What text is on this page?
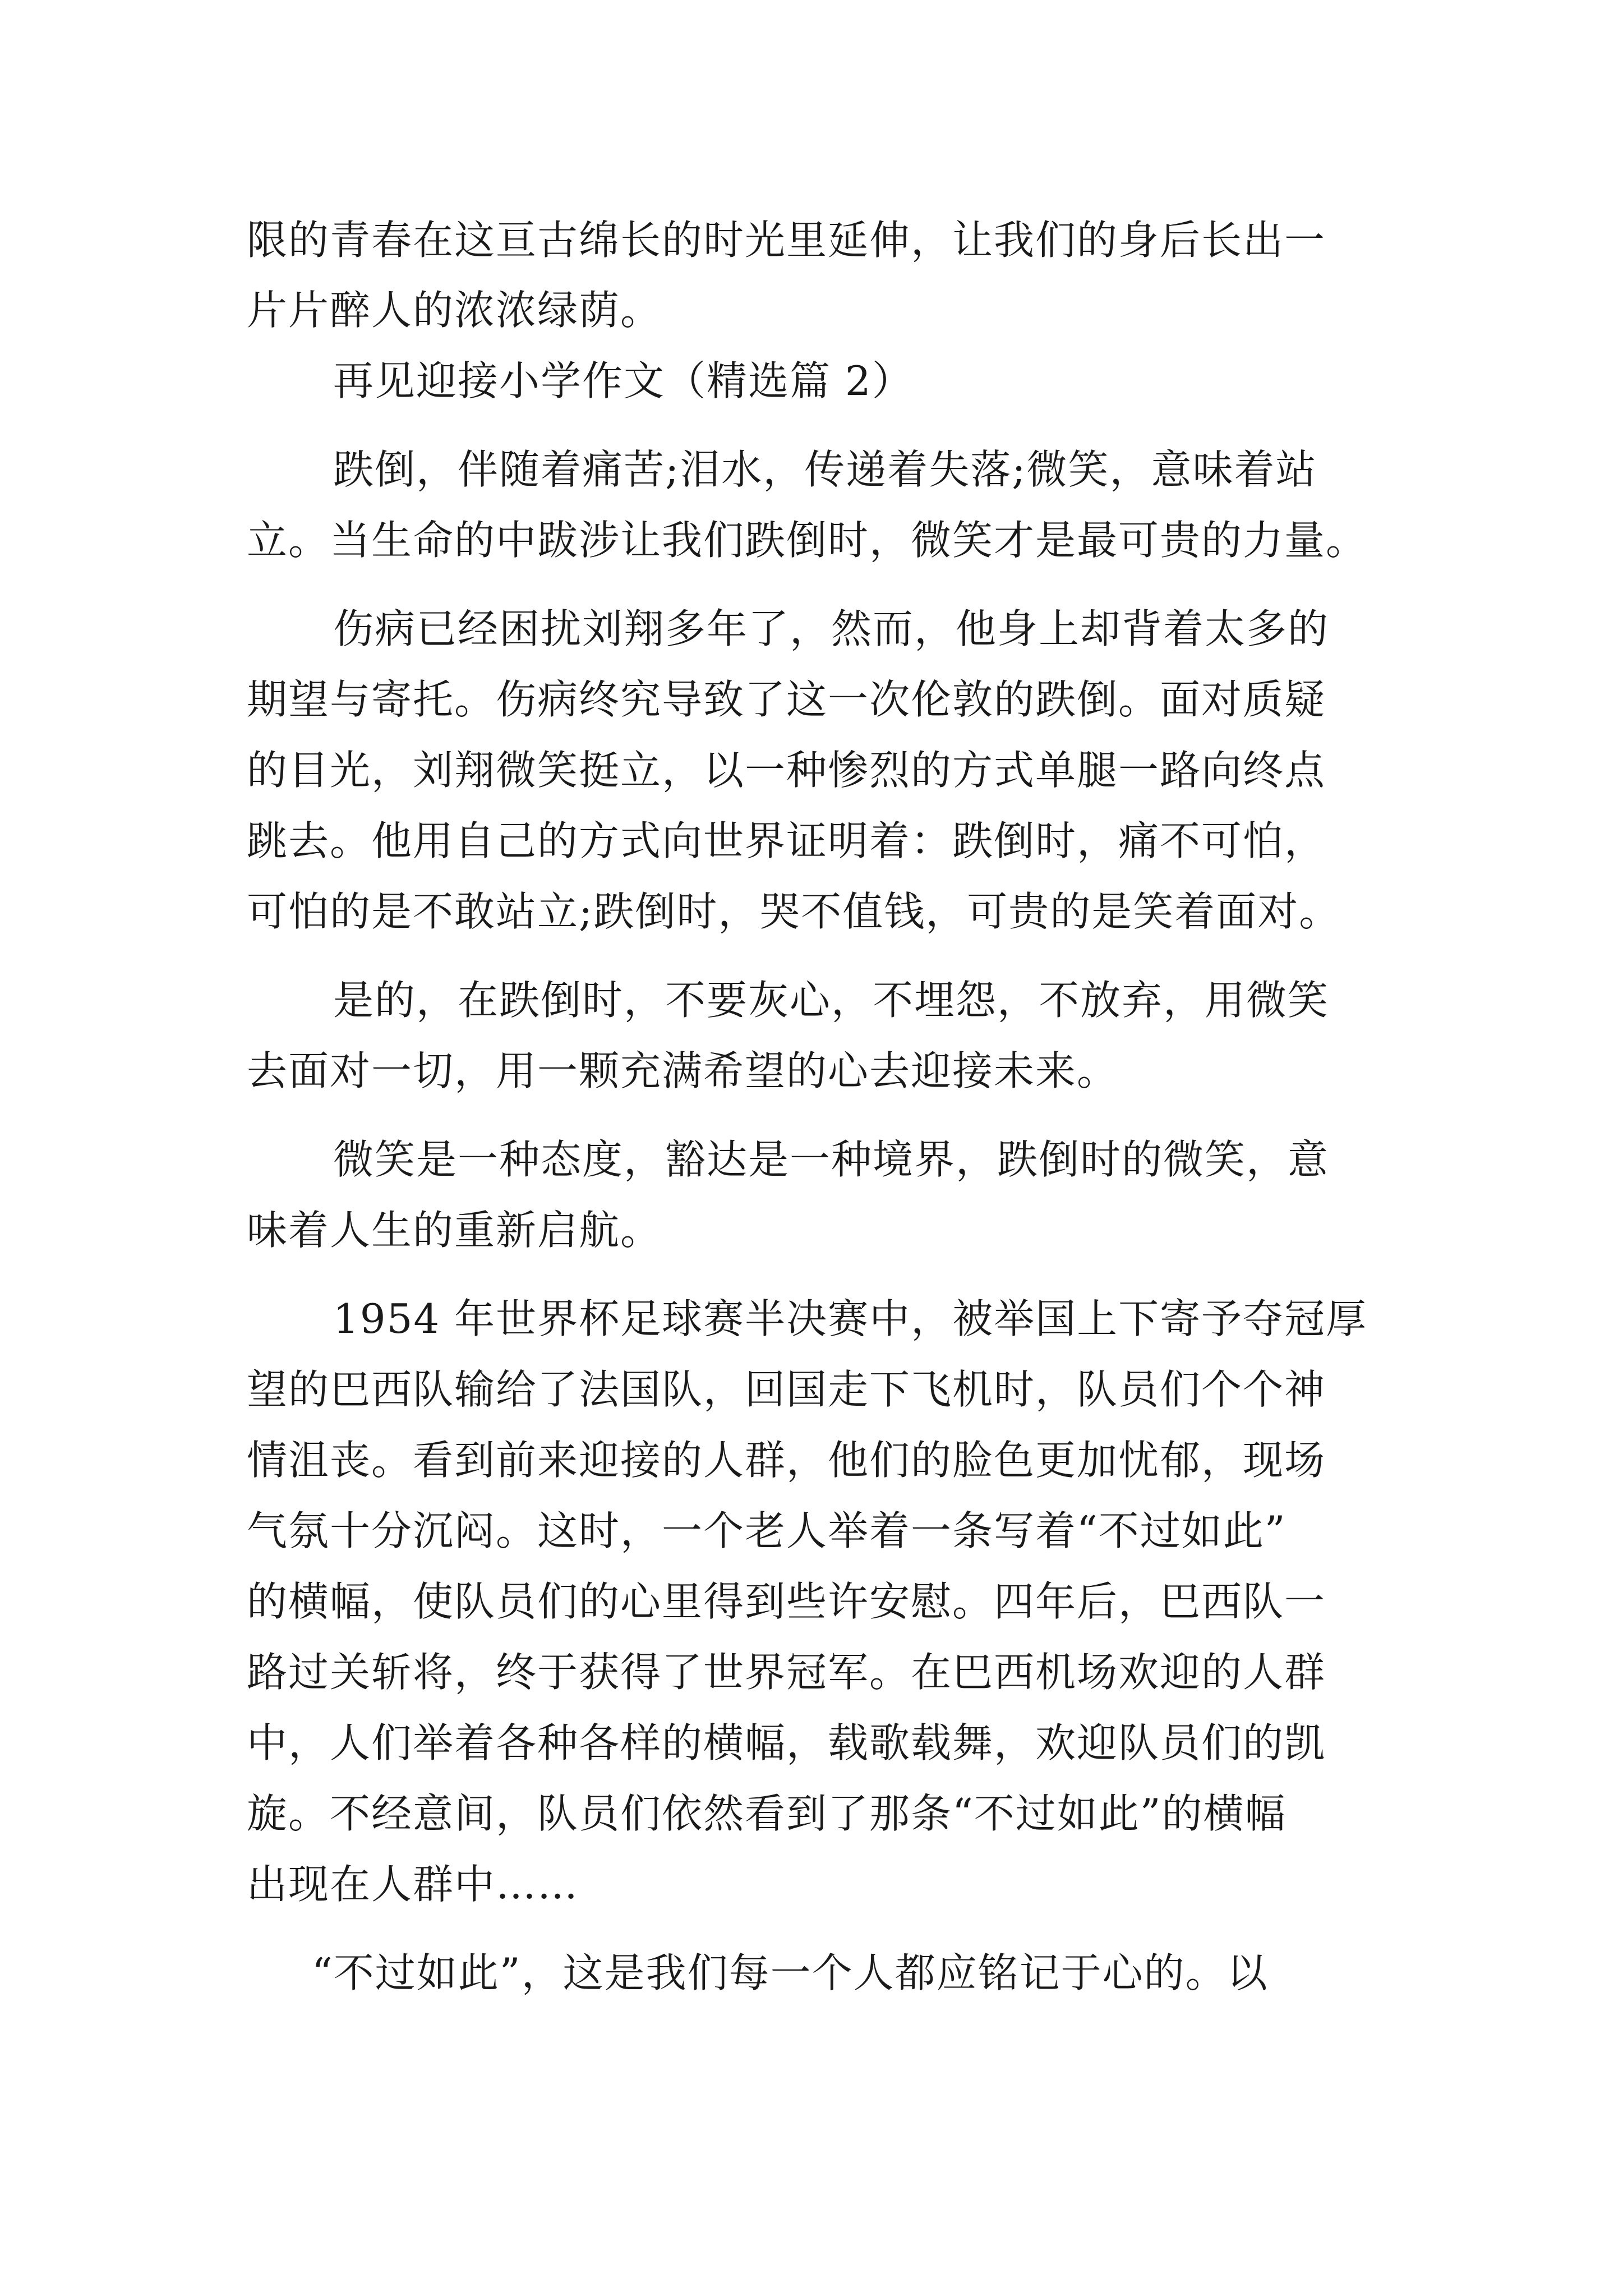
限的青春在这亘古绵长的时光里延伸，让我们的身后长出一
片片醉人的浓浓绿荫。
再见迎接小学作文（精选篇 2）
跌倒，伴随着痛苦;泪水，传递着失落;微笑，意味着站
立。当生命的中跋涉让我们跌倒时，微笑才是最可贵的力量。
伤病已经困扰刘翔多年了，然而，他身上却背着太多的
期望与寄托。伤病终究导致了这一次伦敦的跌倒。面对质疑
的目光，刘翔微笑挺立，以一种惨烈的方式单腿一路向终点
跳去。他用自己的方式向世界证明着：跌倒时，痛不可怕，
可怕的是不敢站立;跌倒时，哭不值钱，可贵的是笑着面对。
是的，在跌倒时，不要灰心，不埋怨，不放弃，用微笑
去面对一切，用一颗充满希望的心去迎接未来。
微笑是一种态度，豁达是一种境界，跌倒时的微笑，意
味着人生的重新启航。
1954 年世界杯足球赛半决赛中，被举国上下寄予夺冠厚
望的巴西队输给了法国队，回国走下飞机时，队员们个个神
情沮丧。看到前来迎接的人群，他们的脸色更加忧郁，现场
气氛十分沉闷。这时，一个老人举着一条写着“不过如此”
的横幅，使队员们的心里得到些许安慰。四年后，巴西队一
路过关斩将，终于获得了世界冠军。在巴西机场欢迎的人群
中，人们举着各种各样的横幅，载歌载舞，欢迎队员们的凯
旋。不经意间，队员们依然看到了那条“不过如此”的横幅
出现在人群中……
“不过如此”，这是我们每一个人都应铭记于心的。以
